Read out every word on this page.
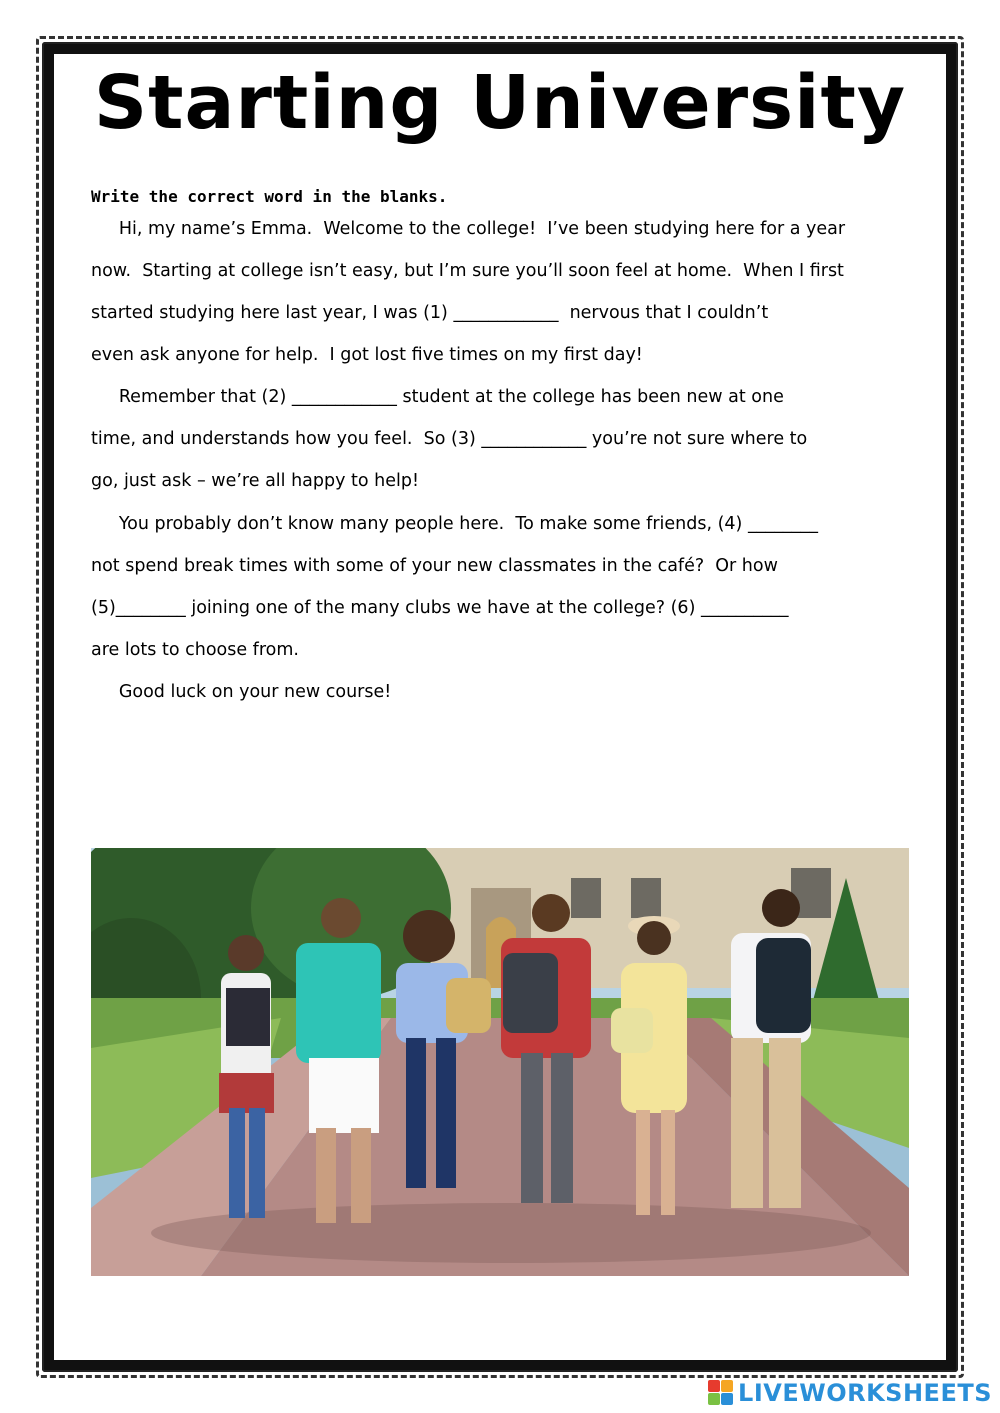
Starting University
Write the correct word in the blanks.
Hi, my name’s Emma.  Welcome to the college!  I’ve been studying here for a year
now.  Starting at college isn’t easy, but I’m sure you’ll soon feel at home.  When I first
started studying here last year, I was (1) ____________  nervous that I couldn’t
even ask anyone for help.  I got lost five times on my first day!
Remember that (2) ____________ student at the college has been new at one
time, and understands how you feel.  So (3) ____________ you’re not sure where to
go, just ask – we’re all happy to help!
You probably don’t know many people here.  To make some friends, (4) ________
not spend break times with some of your new classmates in the café?  Or how
(5)________ joining one of the many clubs we have at the college? (6) __________
are lots to choose from.
Good luck on your new course!
LIVEWORKSHEETS
